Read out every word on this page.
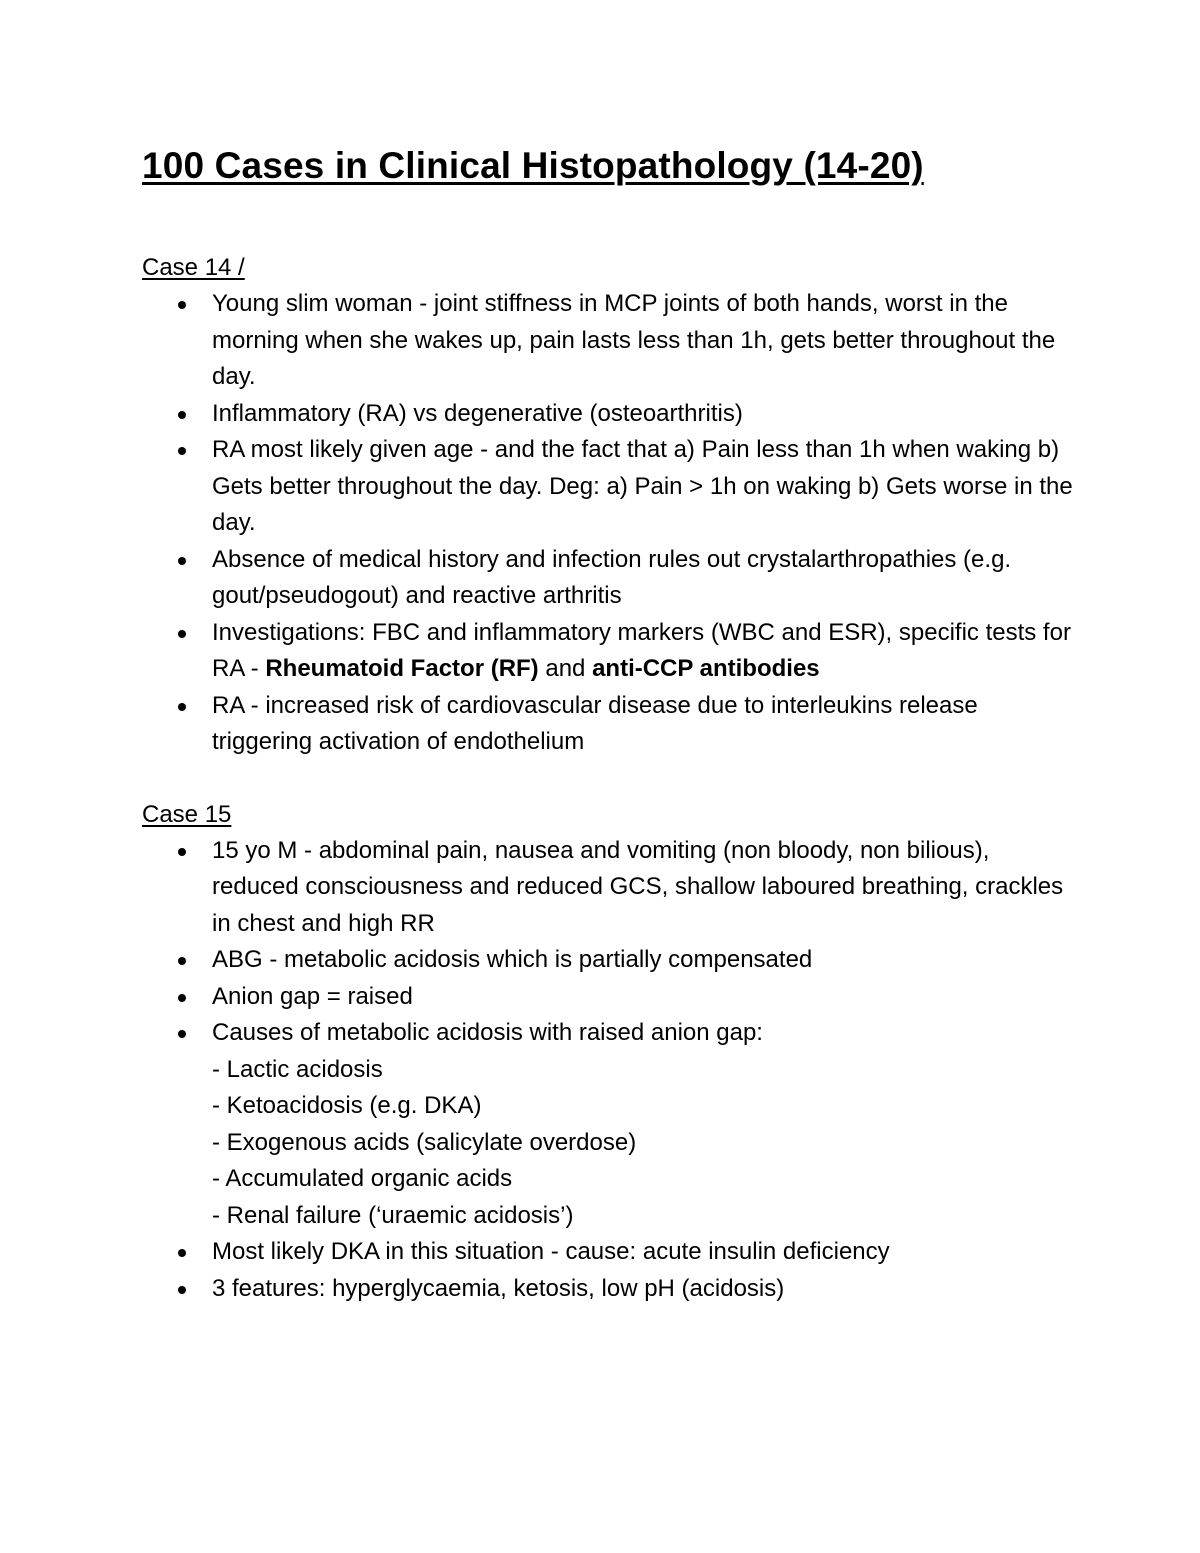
100 Cases in Clinical Histopathology (14-20)
Case 14 /
Young slim woman - joint stiffness in MCP joints of both hands, worst in the morning when she wakes up, pain lasts less than 1h, gets better throughout the day.
Inflammatory (RA) vs degenerative (osteoarthritis)
RA most likely given age - and the fact that a) Pain less than 1h when waking b) Gets better throughout the day. Deg: a) Pain > 1h on waking b) Gets worse in the day.
Absence of medical history and infection rules out crystalarthropathies (e.g. gout/pseudogout) and reactive arthritis
Investigations: FBC and inflammatory markers (WBC and ESR), specific tests for RA - Rheumatoid Factor (RF) and anti-CCP antibodies
RA - increased risk of cardiovascular disease due to interleukins release triggering activation of endothelium
Case 15
15 yo M - abdominal pain, nausea and vomiting (non bloody, non bilious), reduced consciousness and reduced GCS, shallow laboured breathing, crackles in chest and high RR
ABG - metabolic acidosis which is partially compensated
Anion gap = raised
Causes of metabolic acidosis with raised anion gap:
- Lactic acidosis
- Ketoacidosis (e.g. DKA)
- Exogenous acids (salicylate overdose)
- Accumulated organic acids
- Renal failure (‘uraemic acidosis’)
Most likely DKA in this situation - cause: acute insulin deficiency
3 features: hyperglycaemia, ketosis, low pH (acidosis)
